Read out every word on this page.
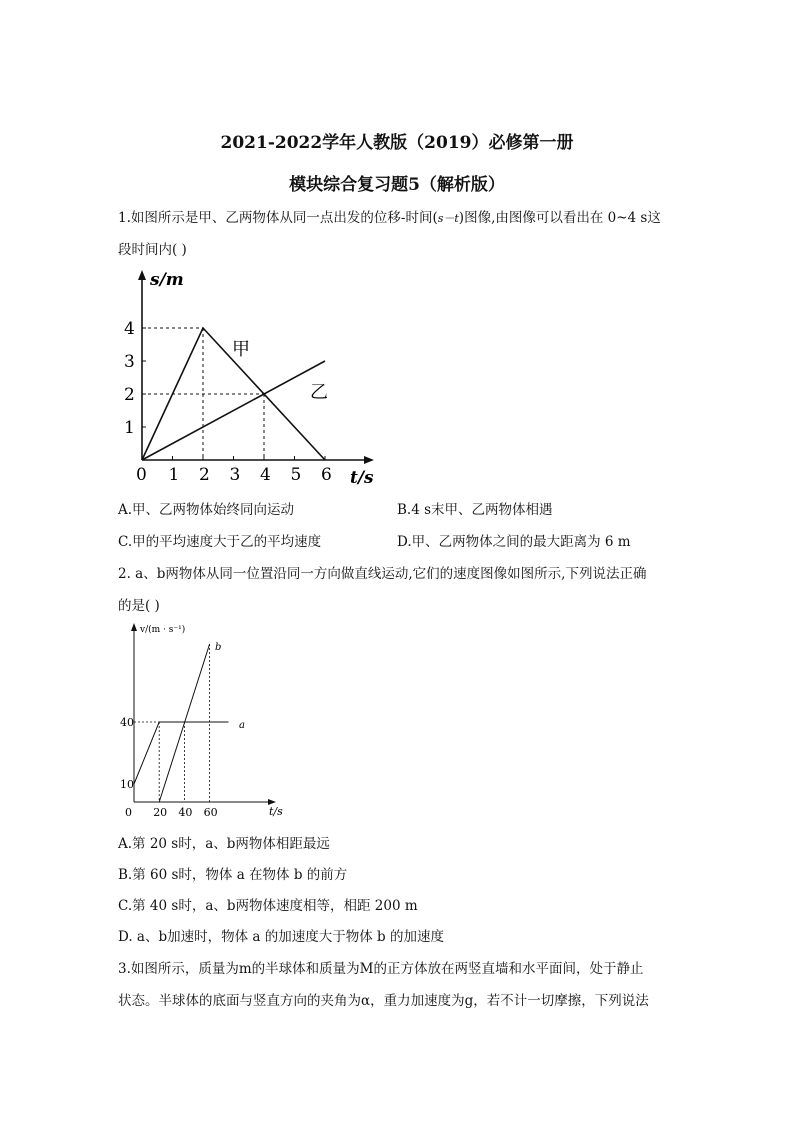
2021-2022学年人教版（2019）必修第一册
模块综合复习题5（解析版）
1.如图所示是甲、乙两物体从同一点出发的位移-时间(s－t)图像,由图像可以看出在 0~4 s这
段时间内( )
s/m
t/s
0 1 2 3 4 5 6
1
2
3
4
甲
乙
A.甲、乙两物体始终同向运动	B.4 s末甲、乙两物体相遇
C.甲的平均速度大于乙的平均速度	D.甲、乙两物体之间的最大距离为 6 m
2. a、b两物体从同一位置沿同一方向做直线运动,它们的速度图像如图所示,下列说法正确
的是( )
v/(m · s⁻¹)
t/s
0 20 40 60
10
40	a
b
A.第 20 s时，a、b两物体相距最远
B.第 60 s时，物体 a 在物体 b 的前方
C.第 40 s时，a、b两物体速度相等，相距 200 m
D. a、b加速时，物体 a 的加速度大于物体 b 的加速度
3.如图所示，质量为m的半球体和质量为M的正方体放在两竖直墙和水平面间，处于静止
状态。半球体的底面与竖直方向的夹角为α，重力加速度为g，若不计一切摩擦，下列说法
